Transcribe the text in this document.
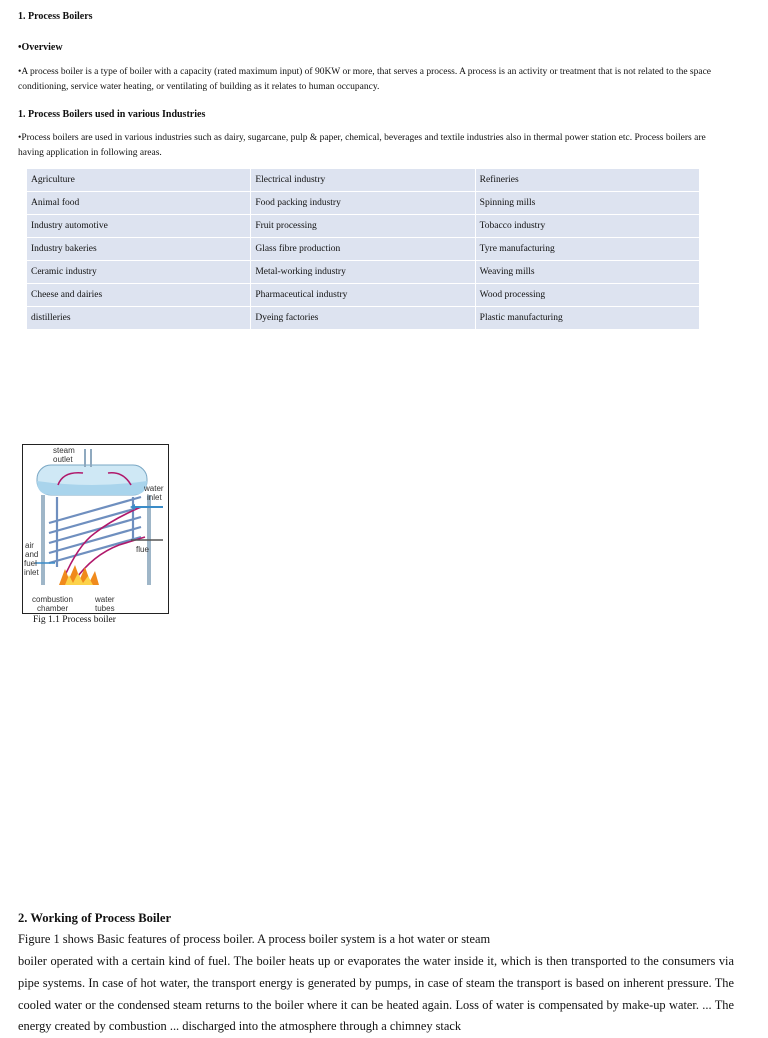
1. Process Boilers
•Overview
•A process boiler is a type of boiler with a capacity (rated maximum input) of 90KW or more, that serves a process. A process is an activity or treatment that is not related to the space conditioning, service water heating, or ventilating of building as it relates to human occupancy.
1. Process Boilers used in various Industries
•Process boilers are used in various industries such as dairy, sugarcane, pulp & paper, chemical, beverages and textile industries also in thermal power station etc. Process boilers are having application in following areas.
Agriculture	Electrical industry	Refineries
Animal food	Food packing industry	Spinning mills
Industry automotive	Fruit processing	Tobacco industry
Industry bakeries	Glass fibre production	Tyre manufacturing
Ceramic industry	Metal-working industry	Weaving mills
Cheese and dairies	Pharmaceutical industry	Wood processing
distilleries	Dyeing factories	Plastic manufacturing
steam
outlet
water
inlet
flue
air
and
fuel
inlet
combustion
chamber
water
tubes
Fig 1.1 Process boiler
2. Working of Process Boiler
Figure 1 shows Basic features of process boiler. A process boiler system is a hot water or steam
boiler operated with a certain kind of fuel. The boiler heats up or evaporates the water inside it, which is then transported to the consumers via pipe systems. In case of hot water, the transport energy is generated by pumps, in case of steam the transport is based on inherent pressure. The cooled water or the condensed steam returns to the boiler where it can be heated again. Loss of water is compensated by make-up water. ... The energy created by combustion ... discharged into the atmosphere through a chimney stack
